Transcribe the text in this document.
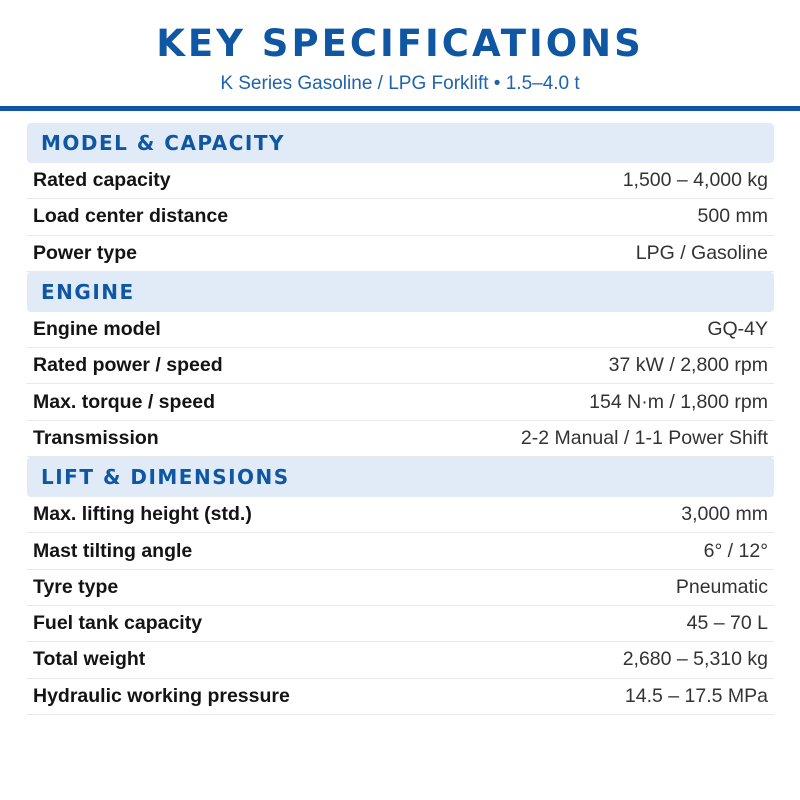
KEY SPECIFICATIONS
K Series Gasoline / LPG Forklift • 1.5–4.0 t
MODEL & CAPACITY
Rated capacity	1,500 – 4,000 kg
Load center distance	500 mm
Power type	LPG / Gasoline
ENGINE
Engine model	GQ-4Y
Rated power / speed	37 kW / 2,800 rpm
Max. torque / speed	154 N·m / 1,800 rpm
Transmission	2-2 Manual / 1-1 Power Shift
LIFT & DIMENSIONS
Max. lifting height (std.)	3,000 mm
Mast tilting angle	6° / 12°
Tyre type	Pneumatic
Fuel tank capacity	45 – 70 L
Total weight	2,680 – 5,310 kg
Hydraulic working pressure	14.5 – 17.5 MPa
